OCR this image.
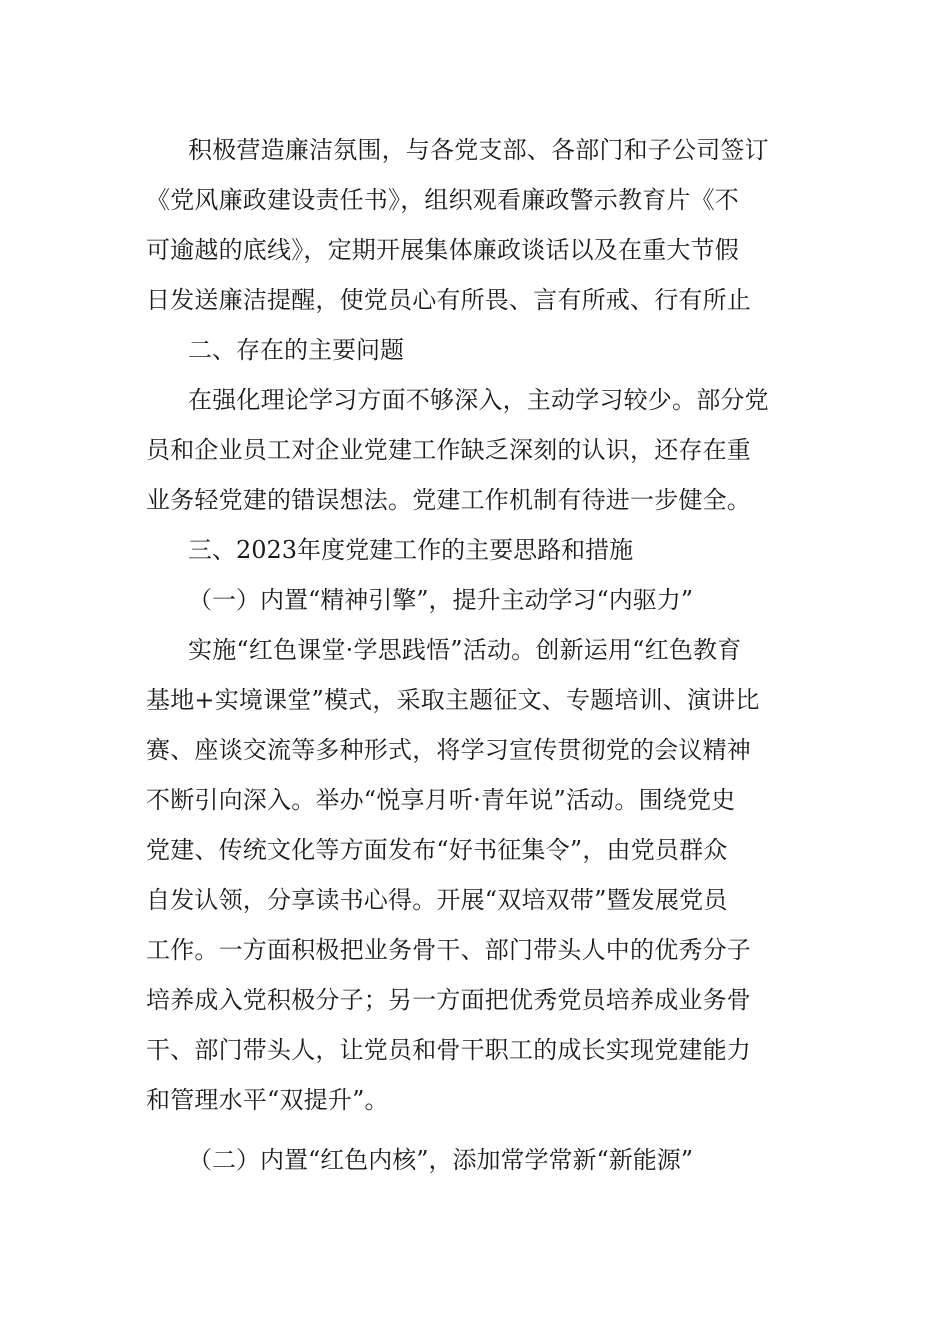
积极营造廉洁氛围，与各党支部、各部门和子公司签订
《党风廉政建设责任书》，组织观看廉政警示教育片《不
可逾越的底线》，定期开展集体廉政谈话以及在重大节假
日发送廉洁提醒，使党员心有所畏、言有所戒、行有所止
二、存在的主要问题
在强化理论学习方面不够深入，主动学习较少。部分党
员和企业员工对企业党建工作缺乏深刻的认识，还存在重
业务轻党建的错误想法。党建工作机制有待进一步健全。
三、2023年度党建工作的主要思路和措施
（一）内置“精神引擎”，提升主动学习“内驱力”
实施“红色课堂·学思践悟”活动。创新运用“红色教育
基地+实境课堂”模式，采取主题征文、专题培训、演讲比
赛、座谈交流等多种形式，将学习宣传贯彻党的会议精神
不断引向深入。举办“悦享月听·青年说”活动。围绕党史
党建、传统文化等方面发布“好书征集令”，由党员群众
自发认领，分享读书心得。开展“双培双带”暨发展党员
工作。一方面积极把业务骨干、部门带头人中的优秀分子
培养成入党积极分子；另一方面把优秀党员培养成业务骨
干、部门带头人，让党员和骨干职工的成长实现党建能力
和管理水平“双提升”。
（二）内置“红色内核”，添加常学常新“新能源”
